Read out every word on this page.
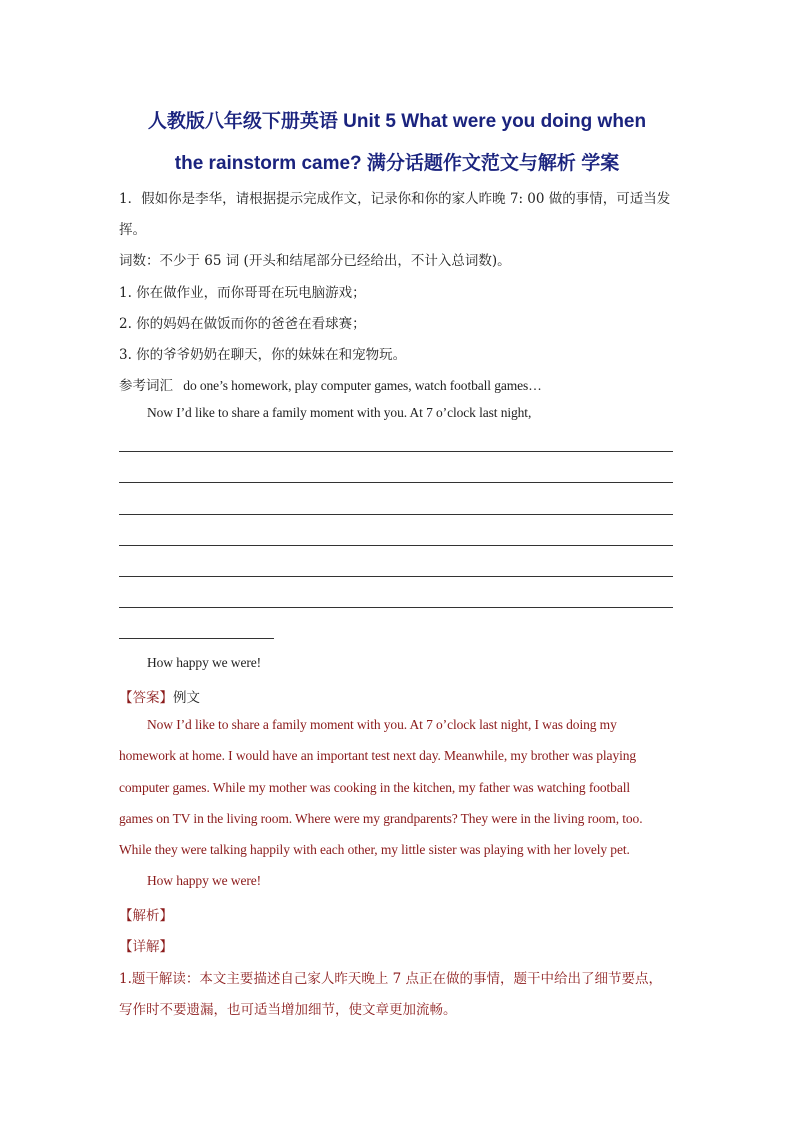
人教版八年级下册英语 Unit 5 What were you doing when
the rainstorm came? 满分话题作文范文与解析 学案
1．假如你是李华，请根据提示完成作文，记录你和你的家人昨晚 7: 00 做的事情，可适当发
挥。
词数：不少于 65 词 (开头和结尾部分已经给出，不计入总词数)。
1. 你在做作业，而你哥哥在玩电脑游戏；
2. 你的妈妈在做饭而你的爸爸在看球赛；
3. 你的爷爷奶奶在聊天，你的妹妹在和宠物玩。
参考词汇 do one’s homework, play computer games, watch football games…
Now I’d like to share a family moment with you. At 7 o’clock last night,
How happy we were!
【答案】例文
Now I’d like to share a family moment with you. At 7 o’clock last night, I was doing my
homework at home. I would have an important test next day. Meanwhile, my brother was playing
computer games. While my mother was cooking in the kitchen, my father was watching football
games on TV in the living room. Where were my grandparents? They were in the living room, too.
While they were talking happily with each other, my little sister was playing with her lovely pet.
How happy we were!
【解析】
【详解】
1.题干解读：本文主要描述自己家人昨天晚上 7 点正在做的事情，题干中给出了细节要点，
写作时不要遗漏，也可适当增加细节，使文章更加流畅。
